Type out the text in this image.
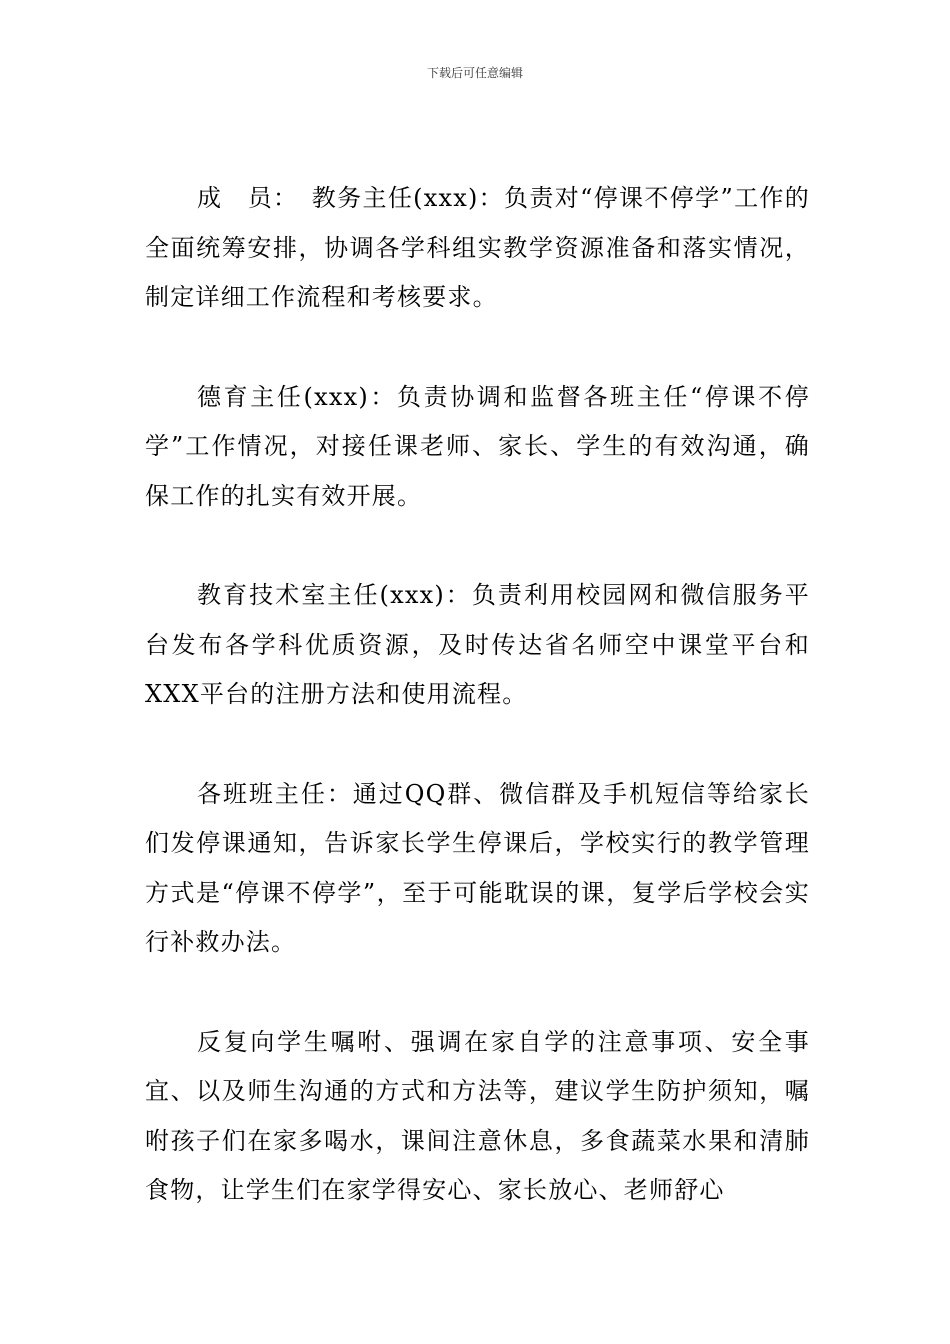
下载后可任意编辑

成　员：　教务主任(xxx)：负责对“停课不停学”工作的全面统筹安排，协调各学科组实教学资源准备和落实情况，制定详细工作流程和考核要求。

德育主任(xxx)：负责协调和监督各班主任“停课不停学”工作情况，对接任课老师、家长、学生的有效沟通，确保工作的扎实有效开展。

教育技术室主任(xxx)：负责利用校园网和微信服务平台发布各学科优质资源，及时传达省名师空中课堂平台和XXX平台的注册方法和使用流程。

各班班主任：通过QQ群、微信群及手机短信等给家长们发停课通知，告诉家长学生停课后，学校实行的教学管理方式是“停课不停学”，至于可能耽误的课，复学后学校会实行补救办法。

反复向学生嘱咐、强调在家自学的注意事项、安全事宜、以及师生沟通的方式和方法等，建议学生防护须知，嘱咐孩子们在家多喝水，课间注意休息，多食蔬菜水果和清肺食物，让学生们在家学得安心、家长放心、老师舒心
